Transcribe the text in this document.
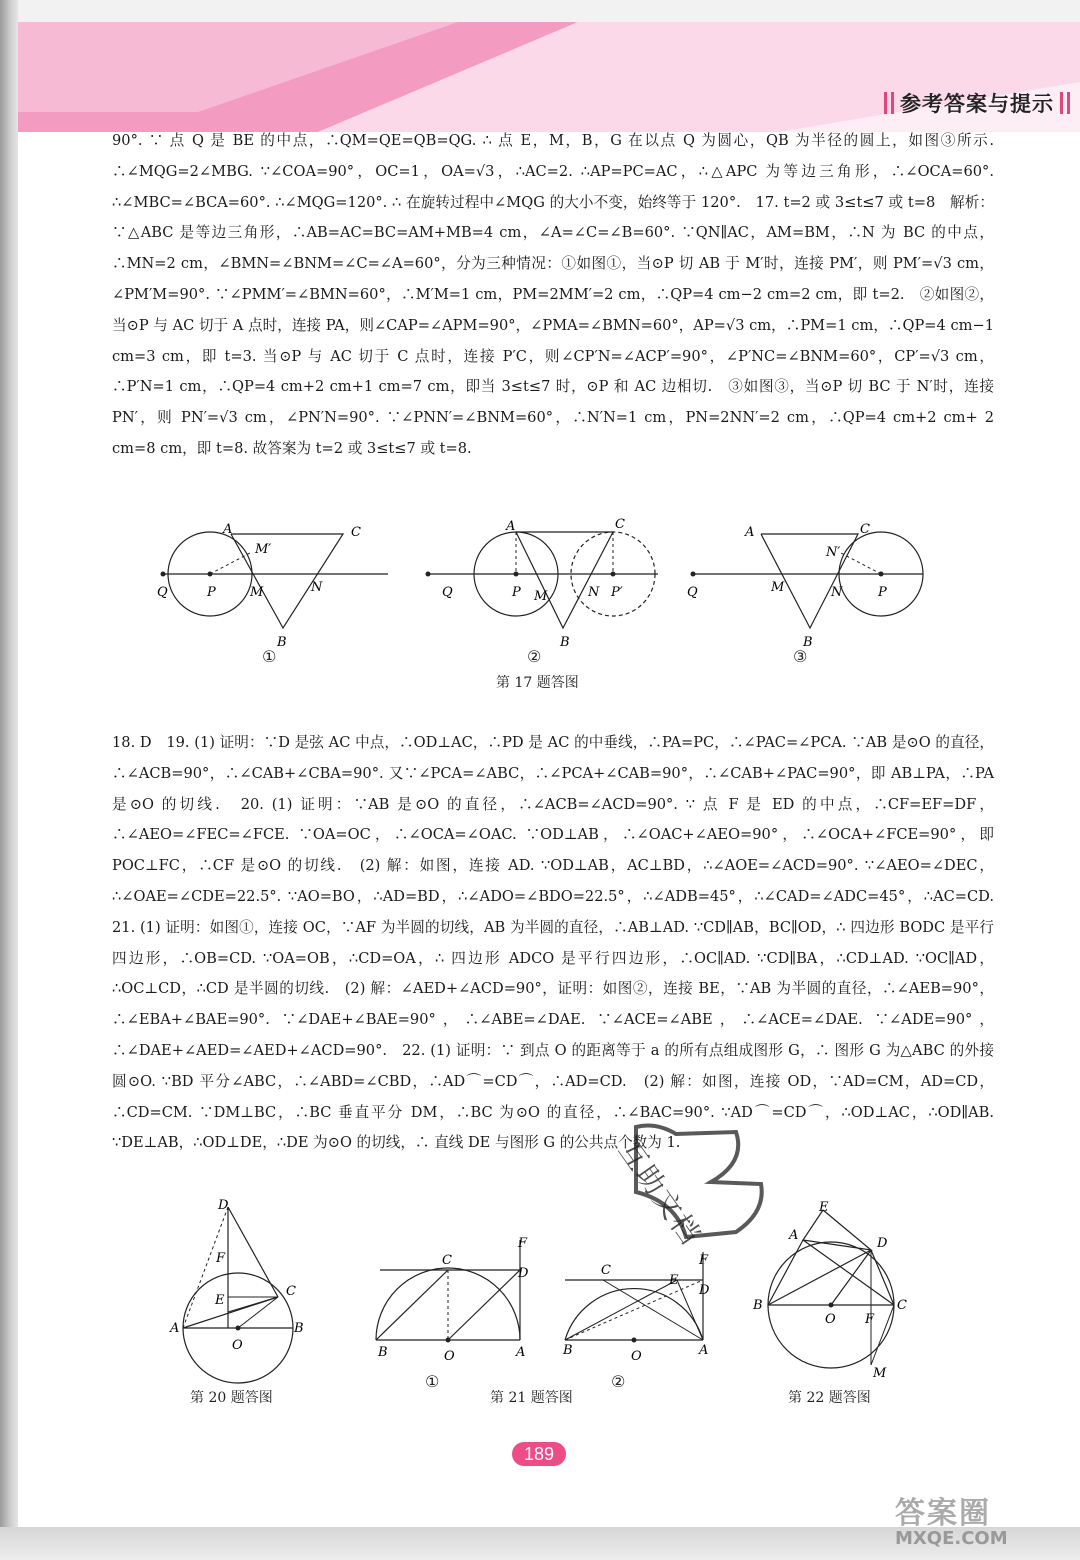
参考答案与提示

90°. ∵ 点 Q 是 BE 的中点，∴QM=QE=QB=QG. ∴ 点 E，M，B，G 在以点 Q 为圆心，QB 为半径的圆上，如图③所示. ∴∠MQG=2∠MBG. ∵∠COA=90°，OC=1，OA=√3，∴AC=2. ∴AP=PC=AC，∴△APC 为等边三角形，∴∠OCA=60°. ∴∠MBC=∠BCA=60°. ∴∠MQG=120°. ∴ 在旋转过程中∠MQG 的大小不变，始终等于 120°.　17. t=2 或 3≤t≤7 或 t=8　解析：∵△ABC 是等边三角形，∴AB=AC=BC=AM+MB=4 cm，∠A=∠C=∠B=60°. ∵QN∥AC，AM=BM，∴N 为 BC 的中点，∴MN=2 cm，∠BMN=∠BNM=∠C=∠A=60°，分为三种情况：①如图①，当⊙P 切 AB 于 M′时，连接 PM′，则 PM′=√3 cm，∠PM′M=90°. ∵∠PMM′=∠BMN=60°，∴M′M=1 cm，PM=2MM′=2 cm，∴QP=4 cm−2 cm=2 cm，即 t=2.　②如图②，当⊙P 与 AC 切于 A 点时，连接 PA，则∠CAP=∠APM=90°，∠PMA=∠BMN=60°，AP=√3 cm，∴PM=1 cm，∴QP=4 cm−1 cm=3 cm，即 t=3. 当⊙P 与 AC 切于 C 点时，连接 P′C，则∠CP′N=∠ACP′=90°，∠P′NC=∠BNM=60°，CP′=√3 cm，∴P′N=1 cm，∴QP=4 cm+2 cm+1 cm=7 cm，即当 3≤t≤7 时，⊙P 和 AC 边相切.　③如图③，当⊙P 切 BC 于 N′时，连接 PN′，则 PN′=√3 cm，∠PN′N=90°. ∵∠PNN′=∠BNM=60°，∴N′N=1 cm，PN=2NN′=2 cm，∴QP=4 cm+2 cm+ 2 cm=8 cm，即 t=8. 故答案为 t=2 或 3≤t≤7 或 t=8.

A	C
M′
Q	P	M	N
B
A	C
Q	P M	N P′
B
A	C
N′
Q	M	N	P
B
①	②	③
第 17 题答图

18. D　19. (1) 证明：∵D 是弦 AC 中点，∴OD⊥AC，∴PD 是 AC 的中垂线，∴PA=PC，∴∠PAC=∠PCA. ∵AB 是⊙O 的直径，∴∠ACB=90°，∴∠CAB+∠CBA=90°. 又∵∠PCA=∠ABC，∴∠PCA+∠CAB=90°，∴∠CAB+∠PAC=90°，即 AB⊥PA，∴PA 是⊙O 的切线.　20. (1) 证明：∵AB 是⊙O 的直径，∴∠ACB=∠ACD=90°. ∵ 点 F 是 ED 的中点，∴CF=EF=DF，∴∠AEO=∠FEC=∠FCE. ∵OA=OC，∴∠OCA=∠OAC. ∵OD⊥AB，∴∠OAC+∠AEO=90°，∴∠OCA+∠FCE=90°，即 POC⊥FC，∴CF 是⊙O 的切线.　(2) 解：如图，连接 AD. ∵OD⊥AB，AC⊥BD，∴∠AOE=∠ACD=90°. ∵∠AEO=∠DEC，∴∠OAE=∠CDE=22.5°. ∵AO=BO，∴AD=BD，∴∠ADO=∠BDO=22.5°，∴∠ADB=45°，∴∠CAD=∠ADC=45°，∴AC=CD.　21. (1) 证明：如图①，连接 OC，∵AF 为半圆的切线，AB 为半圆的直径，∴AB⊥AD. ∵CD∥AB，BC∥OD，∴ 四边形 BODC 是平行四边形，∴OB=CD. ∵OA=OB，∴CD=OA，∴ 四边形 ADCO 是平行四边形，∴OC∥AD. ∵CD∥BA，∴CD⊥AD. ∵OC∥AD，∴OC⊥CD，∴CD 是半圆的切线.　(2) 解：∠AED+∠ACD=90°，证明：如图②，连接 BE，∵AB 为半圆的直径，∴∠AEB=90°，∴∠EBA+∠BAE=90°. ∵∠DAE+∠BAE=90°，∴∠ABE=∠DAE. ∵∠ACE=∠ABE，∴∠ACE=∠DAE. ∵∠ADE=90°，∴∠DAE+∠AED=∠AED+∠ACD=90°.　22. (1) 证明：∵ 到点 O 的距离等于 a 的所有点组成图形 G，∴ 图形 G 为△ABC 的外接圆⊙O. ∵BD 平分∠ABC，∴∠ABD=∠CBD，∴AD⌒=CD⌒，∴AD=CD.　(2) 解：如图，连接 OD，∵AD=CM，AD=CD，∴CD=CM. ∵DM⊥BC，∴BC 垂直平分 DM，∴BC 为⊙O 的直径，∴∠BAC=90°. ∵AD⌒=CD⌒，∴OD⊥AC，∴OD∥AB. ∵DE⊥AB，∴OD⊥DE，∴DE 为⊙O 的切线，∴ 直线 DE 与图形 G 的公共点个数为 1.

D
F
C
E
A
O
B
C
F
D
B	O	A
C
F
E
D
B	O	A
①	②
E
A
D
B
O F
C
M
第 20 题答图	第 21 题答图	第 22 题答图
189
互助文档
答案圈
MXQE.COM
